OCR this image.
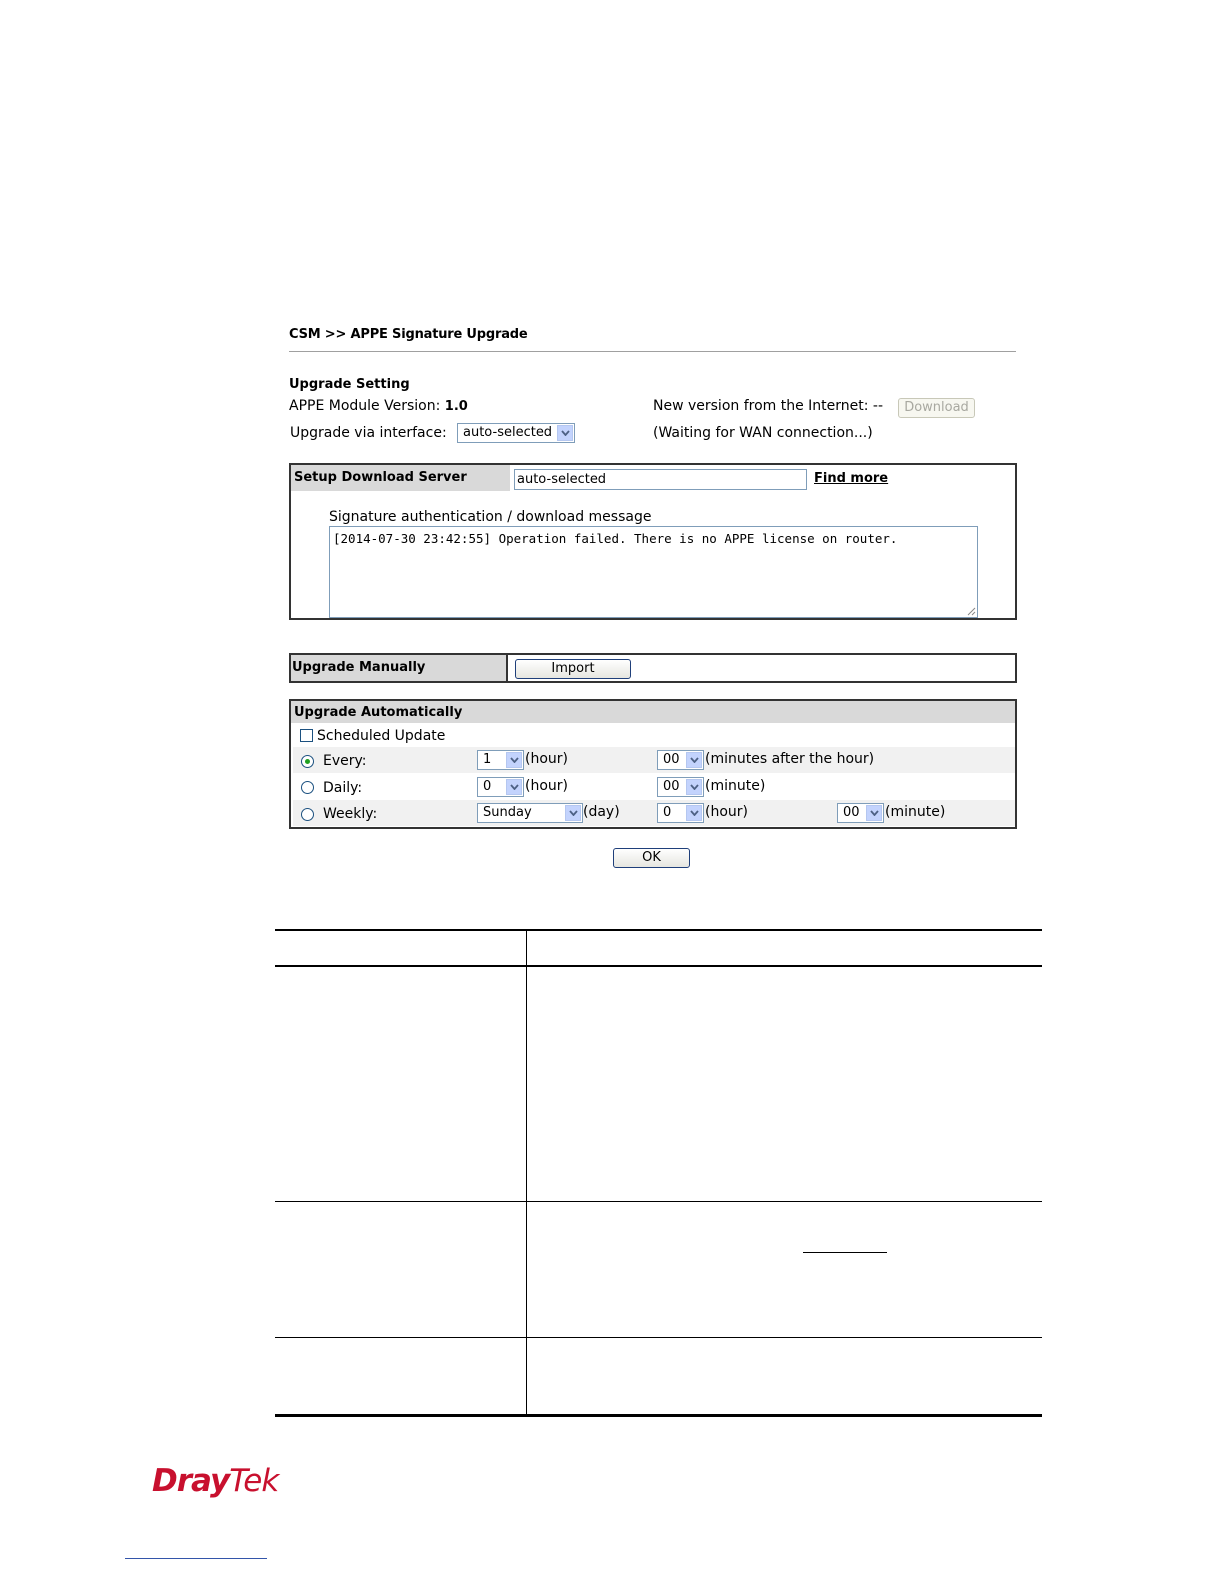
CSM >> APPE Signature Upgrade
Upgrade Setting
APPE Module Version: 1.0	New version from the Internet: --	Download
Upgrade via interface:	auto-selected	(Waiting for WAN connection...)
Setup Download Server	auto-selected	Find more
Signature authentication / download message
[2014-07-30 23:42:55] Operation failed. There is no APPE license on router.
Upgrade Manually	Import
Upgrade Automatically
Scheduled Update
Every:	1	(hour)	00	(minutes after the hour)
Daily:	0	(hour)	00	(minute)
Weekly:	Sunday	(day)	0	(hour)	00	(minute)
OK
DrayTek
